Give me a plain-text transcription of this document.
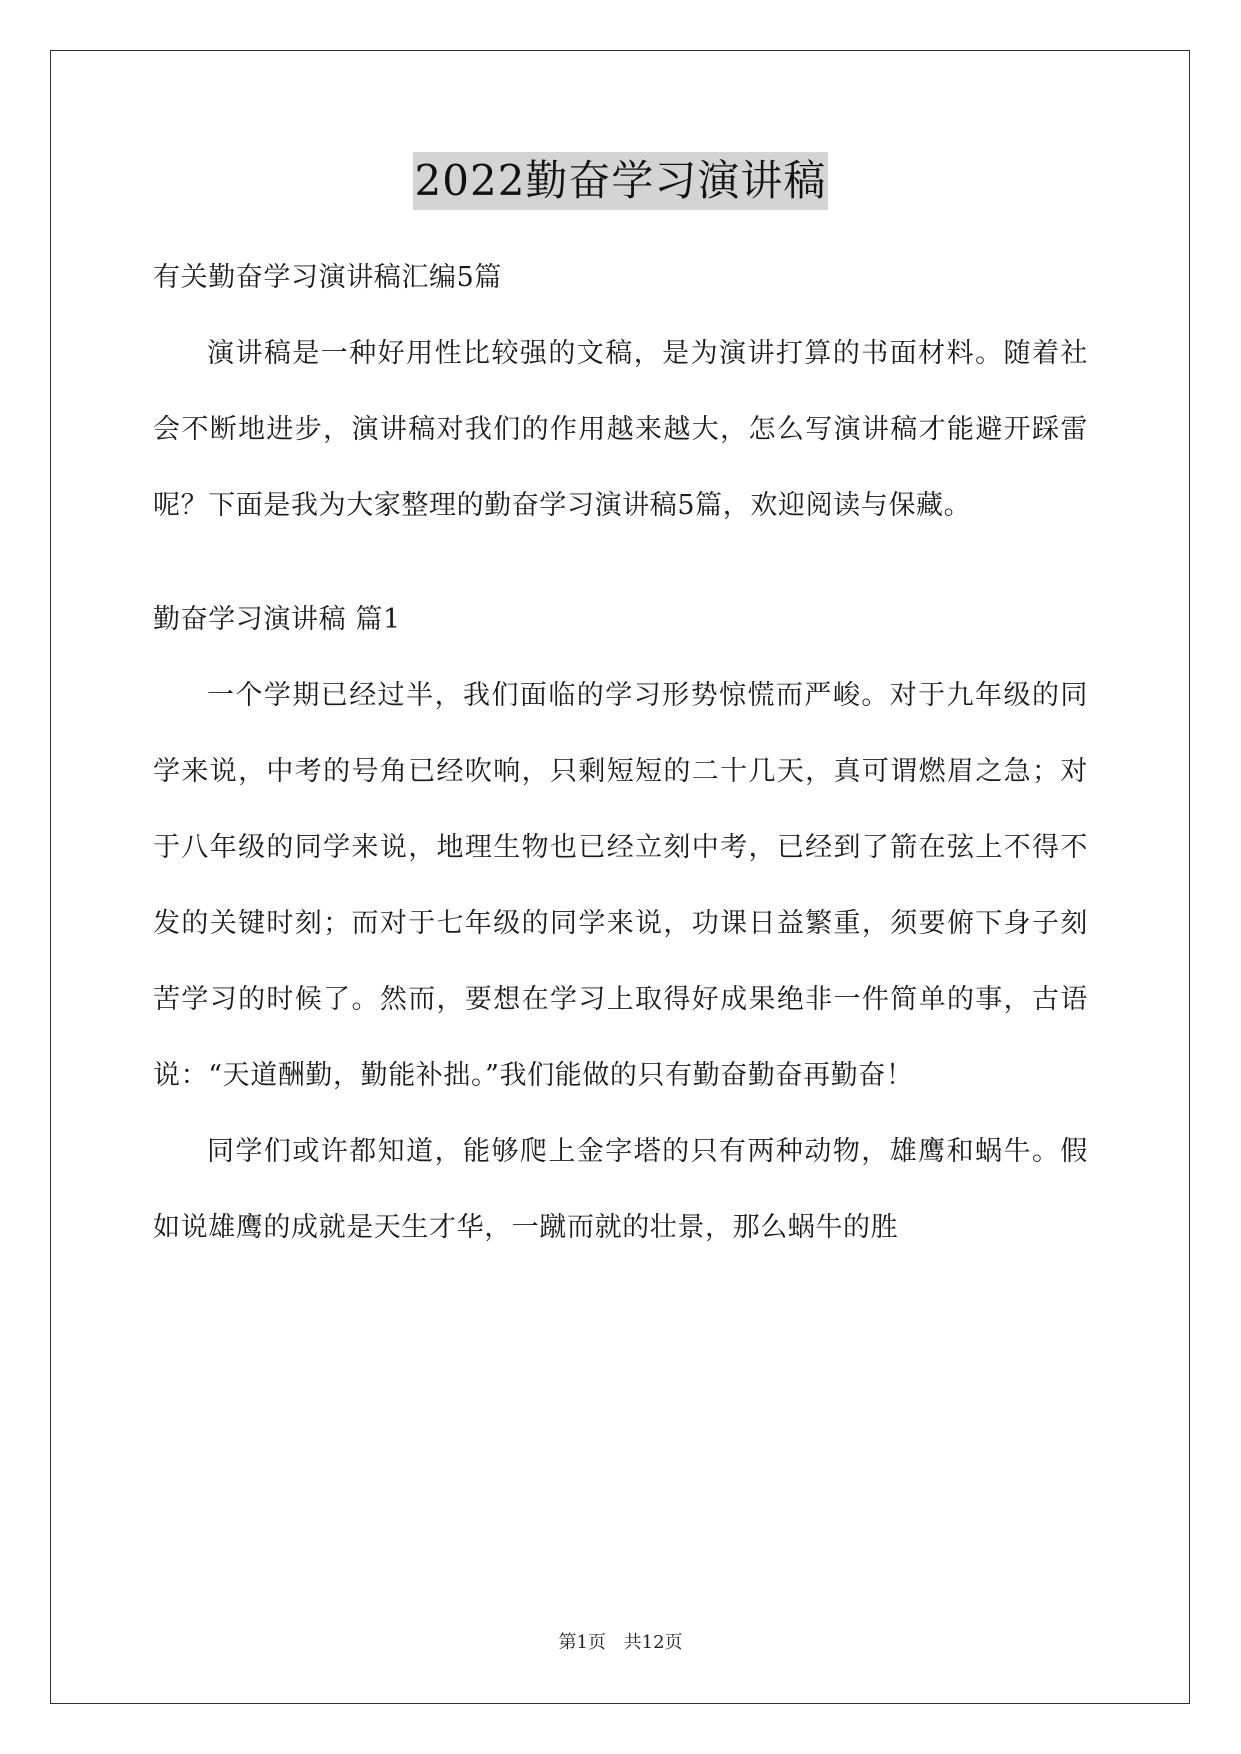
2022勤奋学习演讲稿

有关勤奋学习演讲稿汇编5篇

演讲稿是一种好用性比较强的文稿，是为演讲打算的书面材料。随着社会不断地进步，演讲稿对我们的作用越来越大，怎么写演讲稿才能避开踩雷呢？下面是我为大家整理的勤奋学习演讲稿5篇，欢迎阅读与保藏。

勤奋学习演讲稿 篇1

一个学期已经过半，我们面临的学习形势惊慌而严峻。对于九年级的同学来说，中考的号角已经吹响，只剩短短的二十几天，真可谓燃眉之急；对于八年级的同学来说，地理生物也已经立刻中考，已经到了箭在弦上不得不发的关键时刻；而对于七年级的同学来说，功课日益繁重，须要俯下身子刻苦学习的时候了。然而，要想在学习上取得好成果绝非一件简单的事，古语说：“天道酬勤，勤能补拙。”我们能做的只有勤奋勤奋再勤奋！

同学们或许都知道，能够爬上金字塔的只有两种动物，雄鹰和蜗牛。假如说雄鹰的成就是天生才华，一蹴而就的壮景，那么蜗牛的胜

第1页 共12页
